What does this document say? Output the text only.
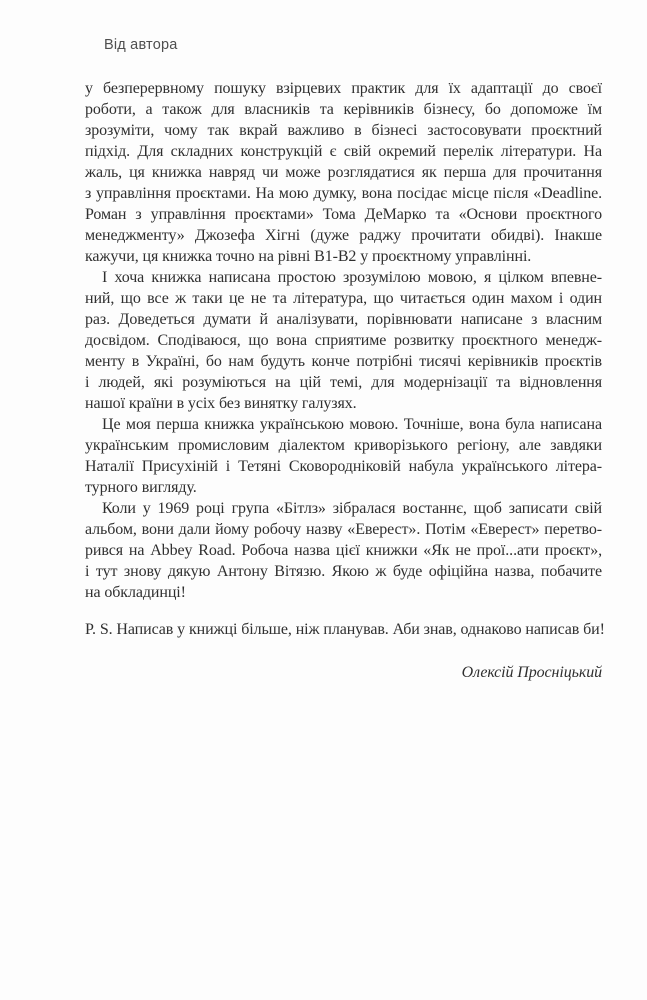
Від автора
у безперервному пошуку взірцевих практик для їх адаптації до своєї
роботи, а також для власників та керівників бізнесу, бо допоможе їм
зрозуміти, чому так вкрай важливо в бізнесі застосовувати проєктний
підхід. Для складних конструкцій є свій окремий перелік літератури. На
жаль, ця книжка навряд чи може розглядатися як перша для прочитання
з управління проєктами. На мою думку, вона посідає місце після «Deadline.
Роман з управління проєктами» Тома ДеМарко та «Основи проєктного
менеджменту» Джозефа Хігні (дуже раджу прочитати обидві). Інакше
кажучи, ця книжка точно на рівні B1-B2 у проєктному управлінні.
І хоча книжка написана простою зрозумілою мовою, я цілком впевне-
ний, що все ж таки це не та література, що читається один махом і один
раз. Доведеться думати й аналізувати, порівнювати написане з власним
досвідом. Сподіваюся, що вона сприятиме розвитку проєктного менедж-
менту в Україні, бо нам будуть конче потрібні тисячі керівників проєктів
і людей, які розуміються на цій темі, для модернізації та відновлення
нашої країни в усіх без винятку галузях.
Це моя перша книжка українською мовою. Точніше, вона була написана
українським промисловим діалектом криворізького регіону, але завдяки
Наталії Присухіній і Тетяні Сковородніковій набула українського літера-
турного вигляду.
Коли у 1969 році група «Бітлз» зібралася востаннє, щоб записати свій
альбом, вони дали йому робочу назву «Еверест». Потім «Еверест» перетво-
рився на Abbey Road. Робоча назва цієї книжки «Як не прої...ати проєкт»,
і тут знову дякую Антону Вітязю. Якою ж буде офіційна назва, побачите
на обкладинці!
P. S. Написав у книжці більше, ніж планував. Аби знав, однаково написав би!
Олексій Просніцький
